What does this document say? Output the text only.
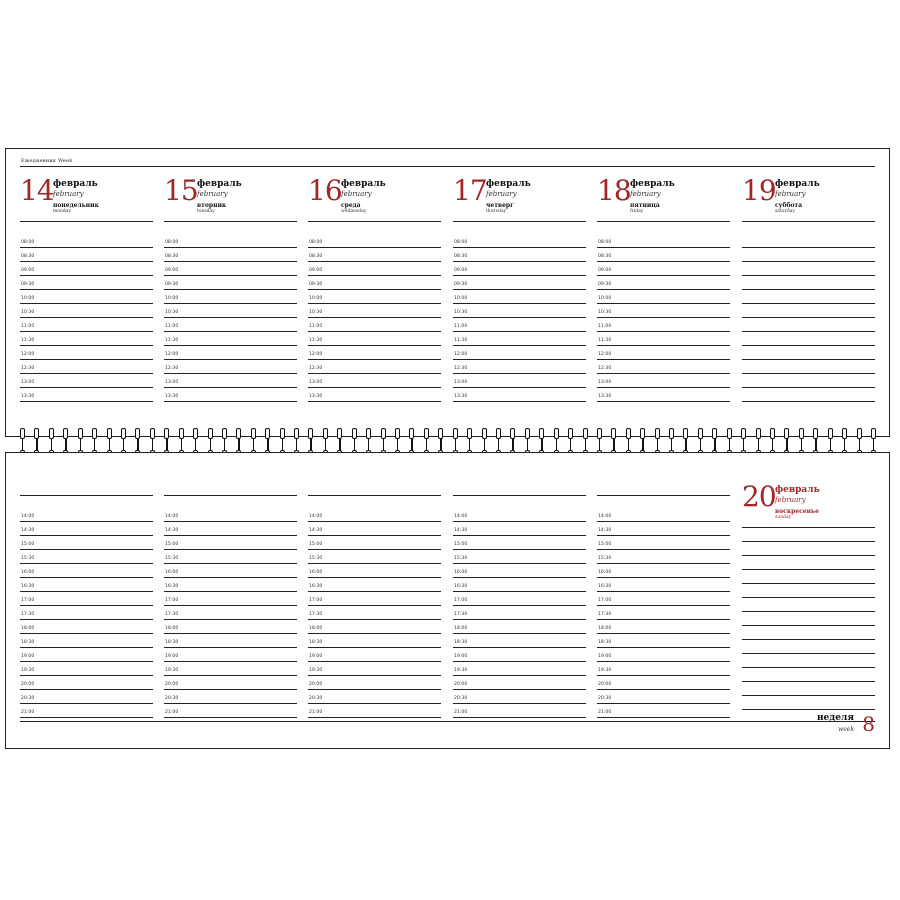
Ежедневник Week
14 февраль
february
понедельник
monday
08:00
08:30
09:00
09:30
10:00
10:30
11:00
11:30
12:00
12:30
13:00
13:30
15 февраль
february
вторник
tuesday
08:00
08:30
09:00
09:30
10:00
10:30
11:00
11:30
12:00
12:30
13:00
13:30
16 февраль
february
среда
wednesday
08:00
08:30
09:00
09:30
10:00
10:30
11:00
11:30
12:00
12:30
13:00
13:30
17 февраль
february
четверг
thursday
08:00
08:30
09:00
09:30
10:00
10:30
11:00
11:30
12:00
12:30
13:00
13:30
18 февраль
february
пятница
friday
08:00
08:30
09:00
09:30
10:00
10:30
11:00
11:30
12:00
12:30
13:00
13:30
19 февраль
february
суббота
saturday
14:00
14:30
15:00
15:30
16:00
16:30
17:00
17:30
18:00
18:30
19:00
19:30
20:00
20:30
21:00
14:00
14:30
15:00
15:30
16:00
16:30
17:00
17:30
18:00
18:30
19:00
19:30
20:00
20:30
21:00
14:00
14:30
15:00
15:30
16:00
16:30
17:00
17:30
18:00
18:30
19:00
19:30
20:00
20:30
21:00
14:00
14:30
15:00
15:30
16:00
16:30
17:00
17:30
18:00
18:30
19:00
19:30
20:00
20:30
21:00
14:00
14:30
15:00
15:30
16:00
16:30
17:00
17:30
18:00
18:30
19:00
19:30
20:00
20:30
21:00
20 февраль
february
воскресенье
sunday
неделя
week 8
